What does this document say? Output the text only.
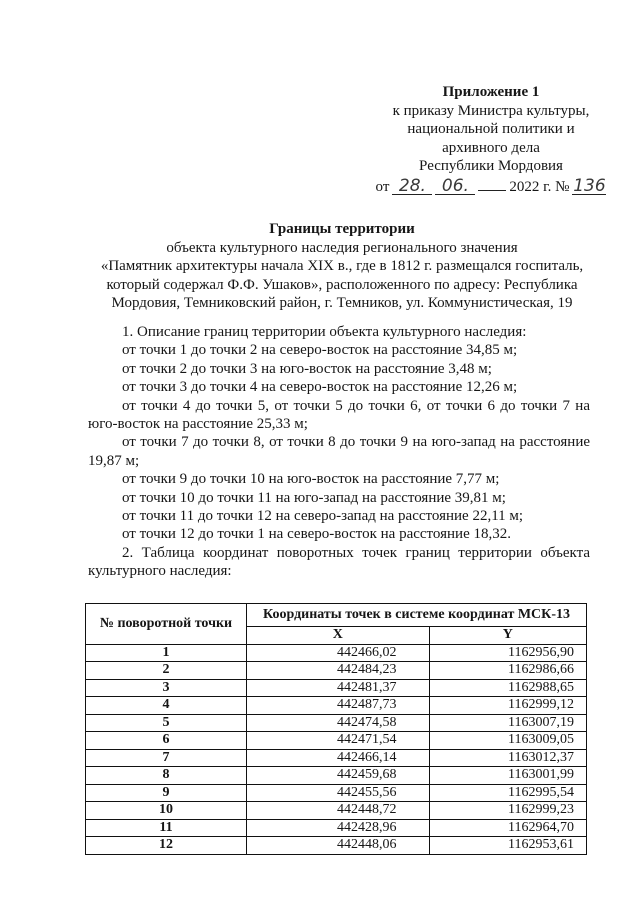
Приложение 1
к приказу Министра культуры,
национальной политики и
архивного дела
Республики Мордовия
от 28. 06.	2022 г. № 136
Границы территории
объекта культурного наследия регионального значения
«Памятник архитектуры начала XIX в., где в 1812 г. размещался госпиталь,
который содержал Ф.Ф. Ушаков», расположенного по адресу: Республика
Мордовия, Темниковский район, г. Темников, ул. Коммунистическая, 19

1. Описание границ территории объекта культурного наследия:

от точки 1 до точки 2 на северо-восток на расстояние 34,85 м;

от точки 2 до точки 3 на юго-восток на расстояние 3,48 м;

от точки 3 до точки 4 на северо-восток на расстояние 12,26 м;

от точки 4 до точки 5, от точки 5 до точки 6, от точки 6 до точки 7 на юго-восток на расстояние 25,33 м;

от точки 7 до точки 8, от точки 8 до точки 9 на юго-запад на расстояние 19,87 м;

от точки 9 до точки 10 на юго-восток на расстояние 7,77 м;

от точки 10 до точки 11 на юго-запад на расстояние 39,81 м;

от точки 11 до точки 12 на северо-запад на расстояние 22,11 м;

от точки 12 до точки 1 на северо-восток на расстояние 18,32.

2. Таблица координат поворотных точек границ территории объекта культурного наследия:

№ поворотной точки	Координаты точек в системе координат МСК-13	
	X	Y
1	442466,02	1162956,90
2	442484,23	1162986,66
3	442481,37	1162988,65
4	442487,73	1162999,12
5	442474,58	1163007,19
6	442471,54	1163009,05
7	442466,14	1163012,37
8	442459,68	1163001,99
9	442455,56	1162995,54
10	442448,72	1162999,23
11	442428,96	1162964,70
12	442448,06	1162953,61
